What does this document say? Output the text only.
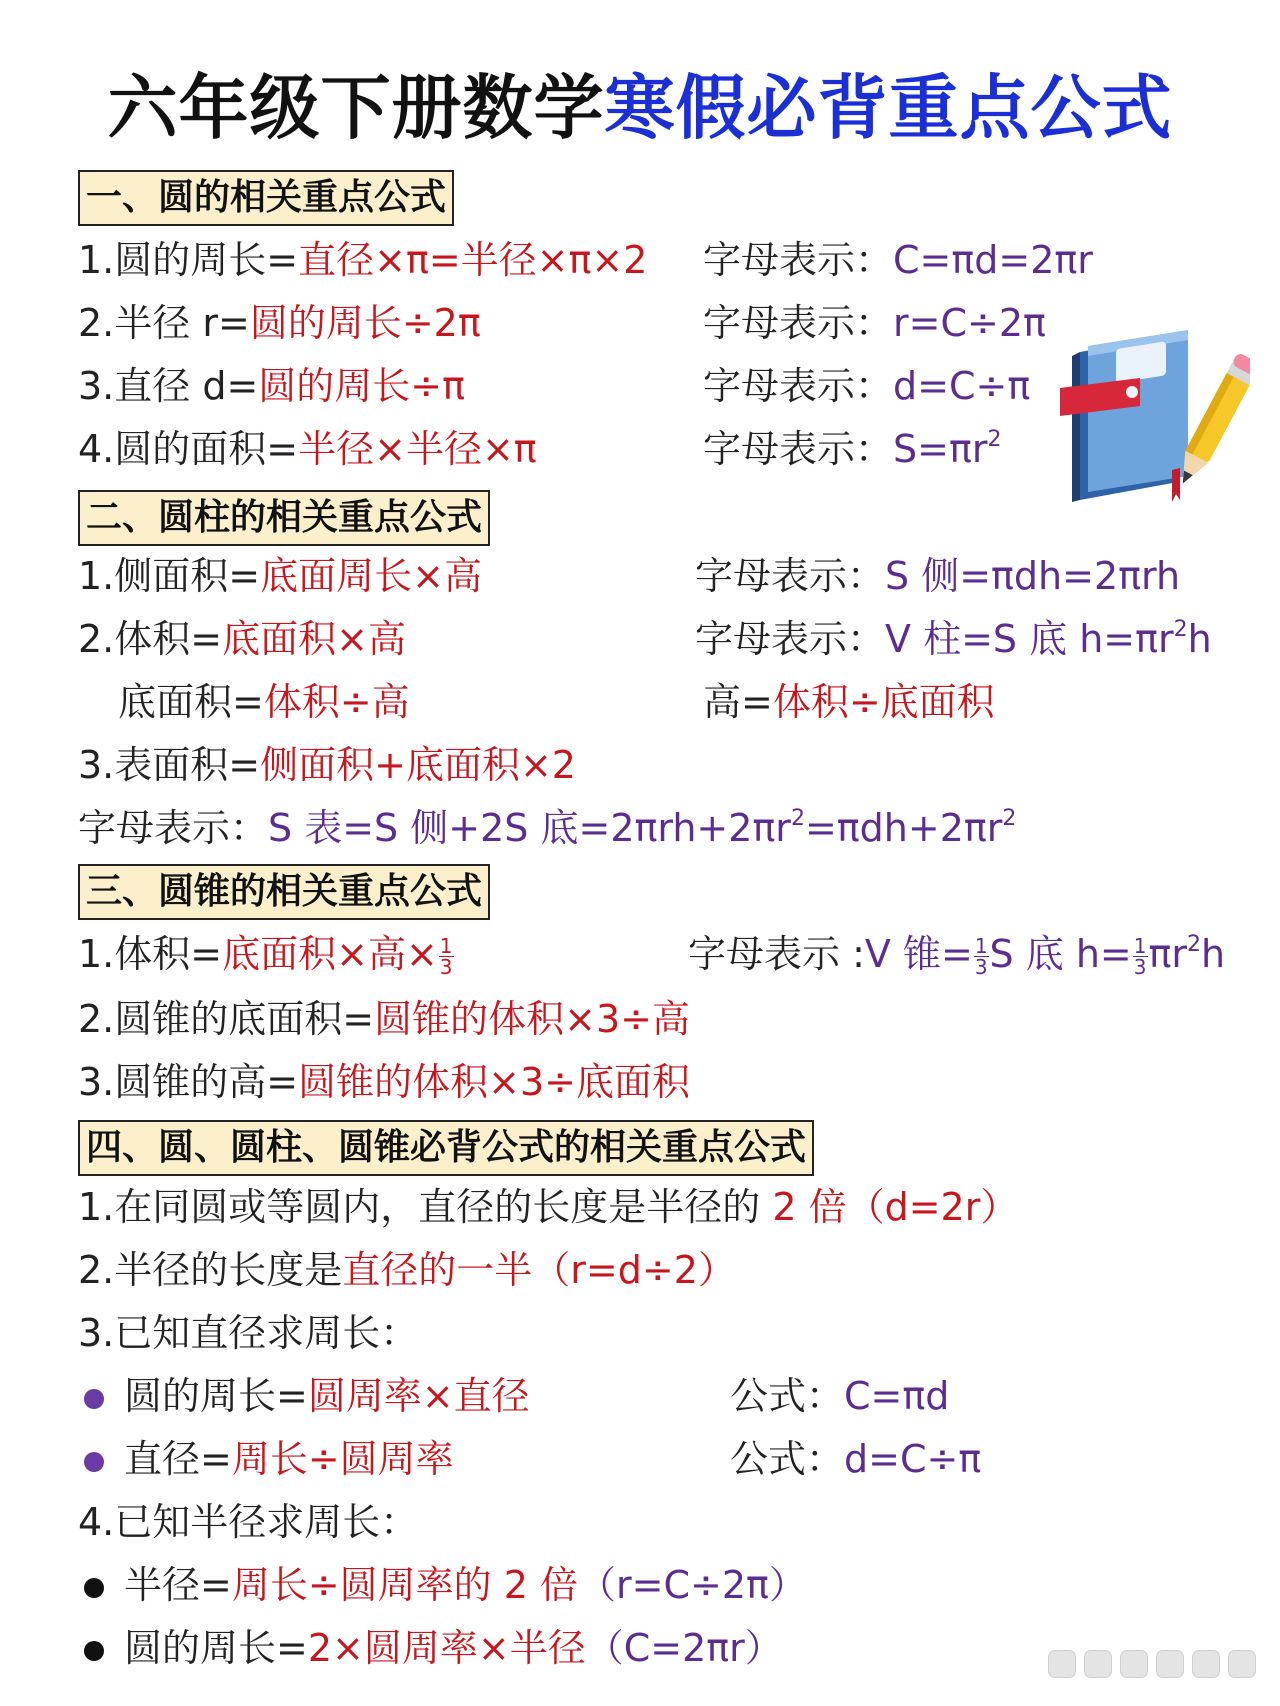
六年级下册数学寒假必背重点公式
一、圆的相关重点公式
1.圆的周长=直径×π=半径×π×2 字母表示：C=πd=2πr
2.半径 r=圆的周长÷2π	字母表示：r=C÷2π
3.直径 d=圆的周长÷π	字母表示：d=C÷π
4.圆的面积=半径×半径×π	字母表示：$S=\pi r^2$
二、圆柱的相关重点公式
1.侧面积=底面周长×高	字母表示：S 侧=πdh=2πrh
2.体积=底面积×高	字母表示：V 柱=S 底 $h=\pi r^2h$
底面积=体积÷高	高=体积÷底面积
3.表面积=侧面积+底面积×2
字母表示：S 表=S 侧+2S 底$=2\pi rh+2\pi r^2=\pi dh+2\pi r^2$
三、圆锥的相关重点公式
1.体积=底面积×高× $\frac{1}{3}$	字母表示 :V 锥= $\frac{1}{3}$ S 底 $h= \frac{1}{3} \pi r^2h$
2.圆锥的底面积=圆锥的体积×3÷高
3.圆锥的高=圆锥的体积×3÷底面积
四、圆、圆柱、圆锥必背公式的相关重点公式
1.在同圆或等圆内，直径的长度是半径的 2 倍（d=2r）
2.半径的长度是直径的一半（r=d÷2）
3.已知直径求周长：
圆的周长=圆周率×直径	公式：C=πd
直径=周长÷圆周率	公式：d=C÷π
4.已知半径求周长：
半径=周长÷圆周率的 2 倍（r=C÷2π）
圆的周长=2×圆周率×半径（C=2πr）
